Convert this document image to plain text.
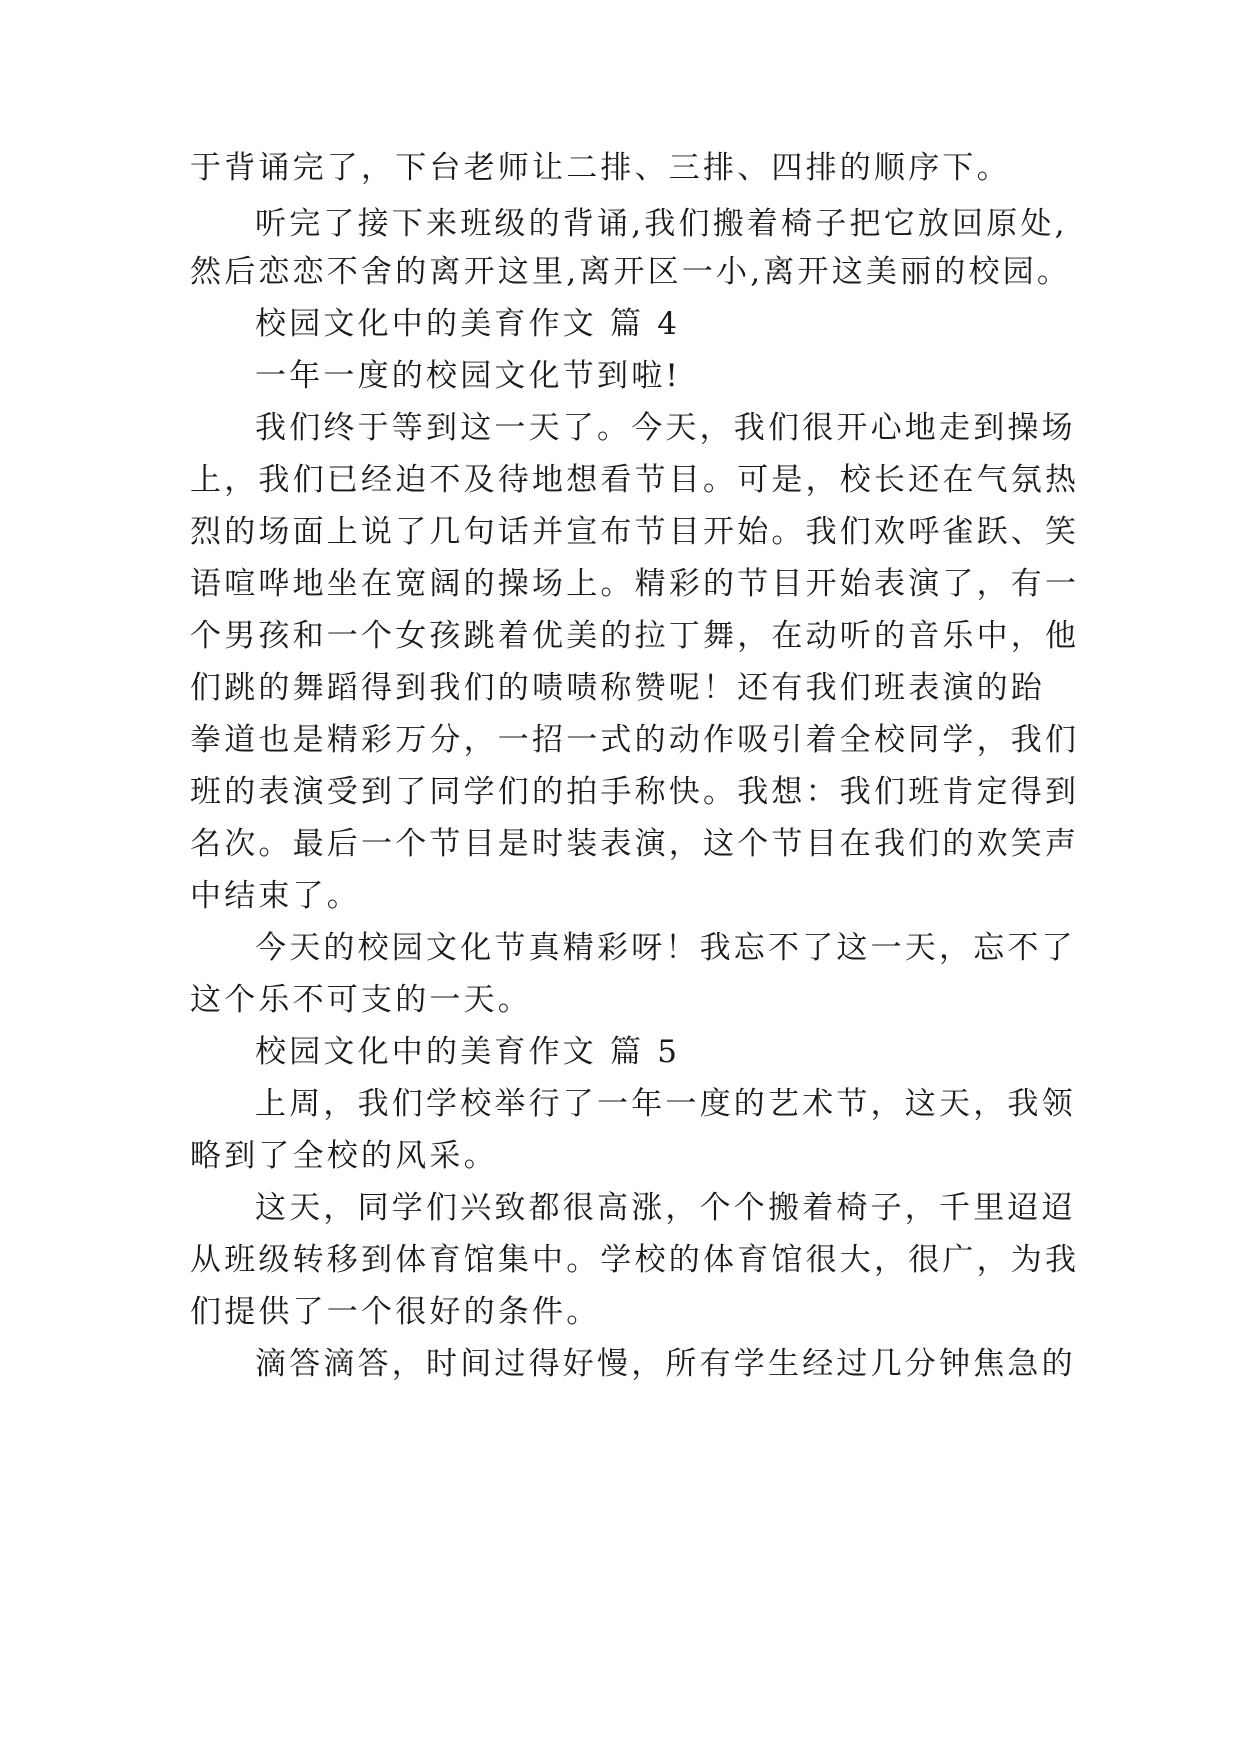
于背诵完了，下台老师让二排、三排、四排的顺序下。
听完了接下来班级的背诵,我们搬着椅子把它放回原处,
然后恋恋不舍的离开这里,离开区一小,离开这美丽的校园。
校园文化中的美育作文 篇 4
一年一度的校园文化节到啦!
我们终于等到这一天了。今天，我们很开心地走到操场
上，我们已经迫不及待地想看节目。可是，校长还在气氛热
烈的场面上说了几句话并宣布节目开始。我们欢呼雀跃、笑
语喧哗地坐在宽阔的操场上。精彩的节目开始表演了，有一
个男孩和一个女孩跳着优美的拉丁舞，在动听的音乐中，他
们跳的舞蹈得到我们的啧啧称赞呢！还有我们班表演的跆
拳道也是精彩万分，一招一式的动作吸引着全校同学，我们
班的表演受到了同学们的拍手称快。我想：我们班肯定得到
名次。最后一个节目是时装表演，这个节目在我们的欢笑声
中结束了。
今天的校园文化节真精彩呀！我忘不了这一天，忘不了
这个乐不可支的一天。
校园文化中的美育作文 篇 5
上周，我们学校举行了一年一度的艺术节，这天，我领
略到了全校的风采。
这天，同学们兴致都很高涨，个个搬着椅子，千里迢迢
从班级转移到体育馆集中。学校的体育馆很大，很广，为我
们提供了一个很好的条件。
滴答滴答，时间过得好慢，所有学生经过几分钟焦急的
